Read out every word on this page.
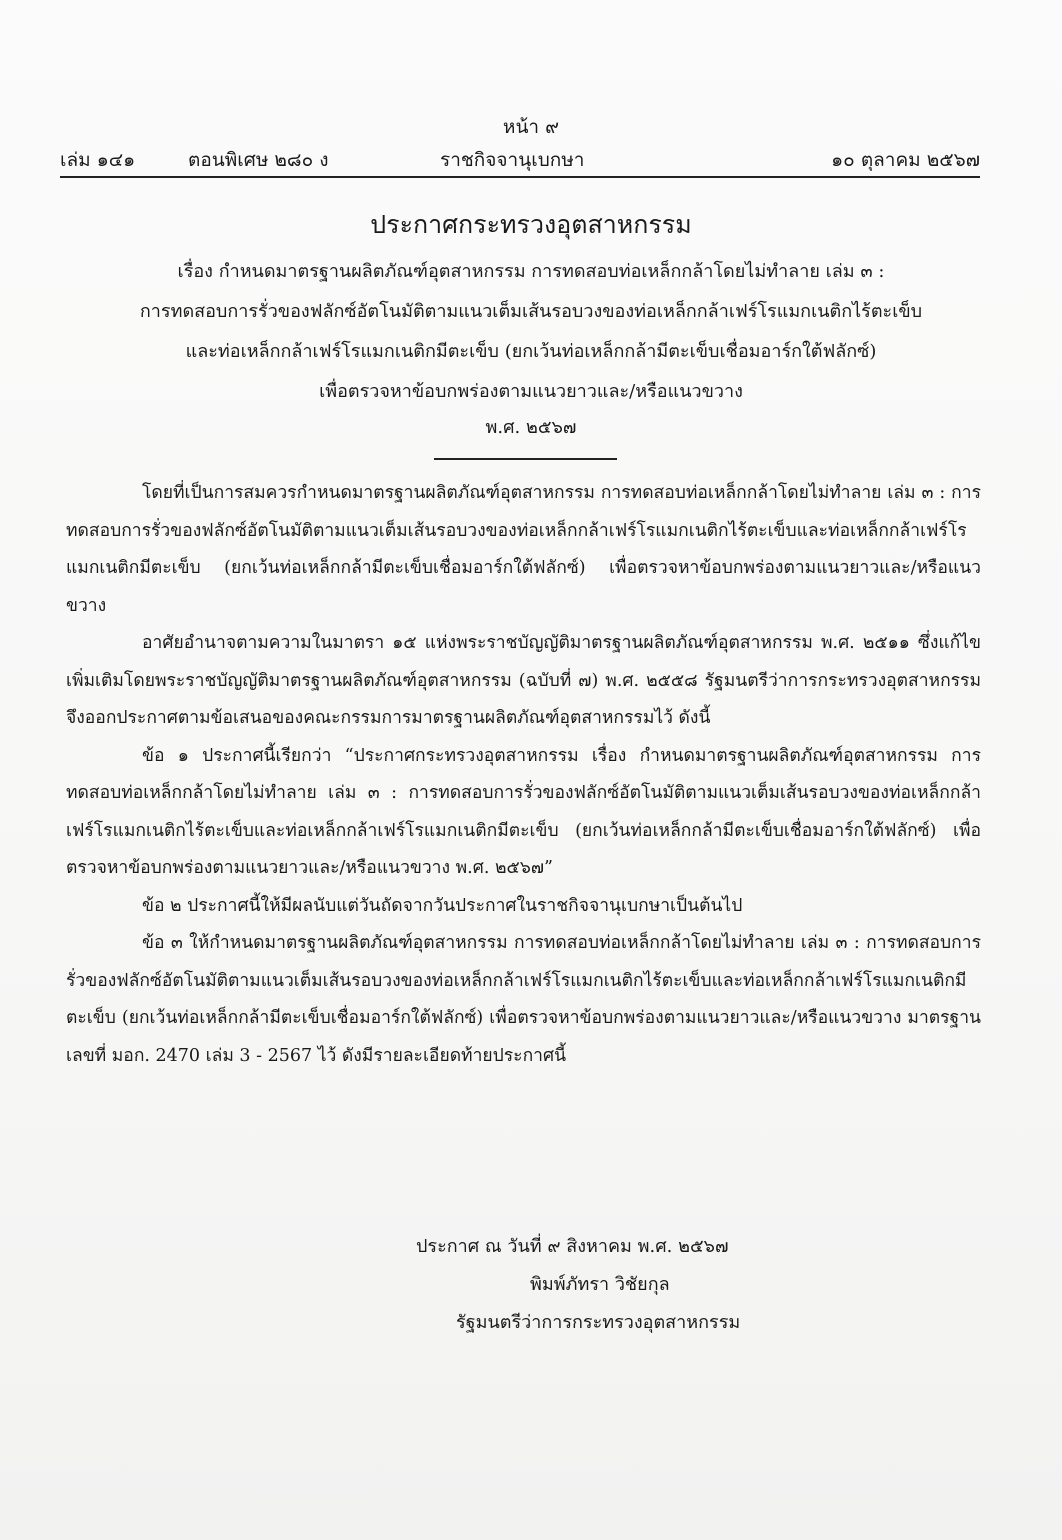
หน้า ๙
เล่ม ๑๔๑	ตอนพิเศษ ๒๘๐ ง	ราชกิจจานุเบกษา	๑๐ ตุลาคม ๒๕๖๗
ประกาศกระทรวงอุตสาหกรรม
เรื่อง กำหนดมาตรฐานผลิตภัณฑ์อุตสาหกรรม การทดสอบท่อเหล็กกล้าโดยไม่ทำลาย เล่ม ๓ :
การทดสอบการรั่วของฟลักซ์อัตโนมัติตามแนวเต็มเส้นรอบวงของท่อเหล็กกล้าเฟร์โรแมกเนติกไร้ตะเข็บ
และท่อเหล็กกล้าเฟร์โรแมกเนติกมีตะเข็บ (ยกเว้นท่อเหล็กกล้ามีตะเข็บเชื่อมอาร์กใต้ฟลักซ์)
เพื่อตรวจหาข้อบกพร่องตามแนวยาวและ/หรือแนวขวาง
พ.ศ. ๒๕๖๗

โดยที่เป็นการสมควรกำหนดมาตรฐานผลิตภัณฑ์อุตสาหกรรม การทดสอบท่อเหล็กกล้าโดยไม่ทำลาย เล่ม ๓ : การทดสอบการรั่วของฟลักซ์อัตโนมัติตามแนวเต็มเส้นรอบวงของท่อเหล็กกล้าเฟร์โรแมกเนติกไร้ตะเข็บและท่อเหล็กกล้าเฟร์โรแมกเนติกมีตะเข็บ (ยกเว้นท่อเหล็กกล้ามีตะเข็บเชื่อมอาร์กใต้ฟลักซ์) เพื่อตรวจหาข้อบกพร่องตามแนวยาวและ/หรือแนวขวาง

อาศัยอำนาจตามความในมาตรา ๑๕ แห่งพระราชบัญญัติมาตรฐานผลิตภัณฑ์อุตสาหกรรม พ.ศ. ๒๕๑๑ ซึ่งแก้ไขเพิ่มเติมโดยพระราชบัญญัติมาตรฐานผลิตภัณฑ์อุตสาหกรรม (ฉบับที่ ๗) พ.ศ. ๒๕๕๘ รัฐมนตรีว่าการกระทรวงอุตสาหกรรม จึงออกประกาศตามข้อเสนอของคณะกรรมการมาตรฐานผลิตภัณฑ์อุตสาหกรรมไว้ ดังนี้

ข้อ ๑ ประกาศนี้เรียกว่า “ประกาศกระทรวงอุตสาหกรรม เรื่อง กำหนดมาตรฐานผลิตภัณฑ์อุตสาหกรรม การทดสอบท่อเหล็กกล้าโดยไม่ทำลาย เล่ม ๓ : การทดสอบการรั่วของฟลักซ์อัตโนมัติตามแนวเต็มเส้นรอบวงของท่อเหล็กกล้าเฟร์โรแมกเนติกไร้ตะเข็บและท่อเหล็กกล้าเฟร์โรแมกเนติกมีตะเข็บ (ยกเว้นท่อเหล็กกล้ามีตะเข็บเชื่อมอาร์กใต้ฟลักซ์) เพื่อตรวจหาข้อบกพร่องตามแนวยาวและ/หรือแนวขวาง พ.ศ. ๒๕๖๗”

ข้อ ๒ ประกาศนี้ให้มีผลนับแต่วันถัดจากวันประกาศในราชกิจจานุเบกษาเป็นต้นไป

ข้อ ๓ ให้กำหนดมาตรฐานผลิตภัณฑ์อุตสาหกรรม การทดสอบท่อเหล็กกล้าโดยไม่ทำลาย เล่ม ๓ : การทดสอบการรั่วของฟลักซ์อัตโนมัติตามแนวเต็มเส้นรอบวงของท่อเหล็กกล้าเฟร์โรแมกเนติกไร้ตะเข็บและท่อเหล็กกล้าเฟร์โรแมกเนติกมีตะเข็บ (ยกเว้นท่อเหล็กกล้ามีตะเข็บเชื่อมอาร์กใต้ฟลักซ์) เพื่อตรวจหาข้อบกพร่องตามแนวยาวและ/หรือแนวขวาง มาตรฐานเลขที่ มอก. 2470 เล่ม 3 - 2567 ไว้ ดังมีรายละเอียดท้ายประกาศนี้

ประกาศ ณ วันที่ ๙ สิงหาคม พ.ศ. ๒๕๖๗
พิมพ์ภัทรา วิชัยกุล
รัฐมนตรีว่าการกระทรวงอุตสาหกรรม
